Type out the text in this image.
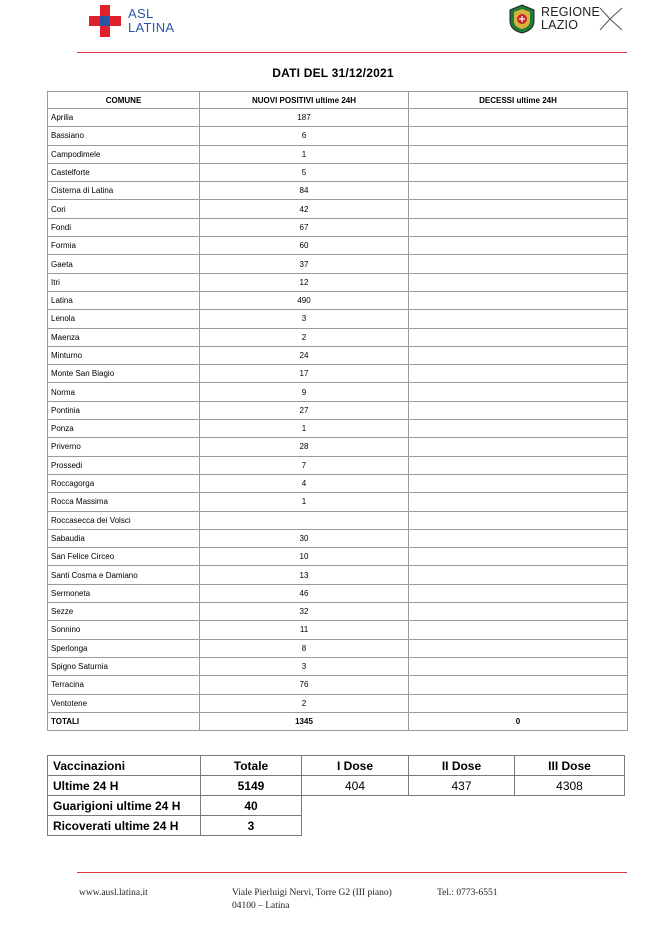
ASL
LATINA
REGIONE
LAZIO
DATI DEL 31/12/2021
COMUNE	NUOVI POSITIVI ultime 24H	DECESSI ultime 24H
Aprilia	187	
Bassiano	6	
Campodimele	1	
Castelforte	5	
Cisterna di Latina	84	
Cori	42	
Fondi	67	
Formia	60	
Gaeta	37	
Itri	12	
Latina	490	
Lenola	3	
Maenza	2	
Minturno	24	
Monte San Biagio	17	
Norma	9	
Pontinia	27	
Ponza	1	
Priverno	28	
Prossedi	7	
Roccagorga	4	
Rocca Massima	1	
Roccasecca dei Volsci		
Sabaudia	30	
San Felice Circeo	10	
Santi Cosma e Damiano	13	
Sermoneta	46	
Sezze	32	
Sonnino	11	
Sperlonga	8	
Spigno Saturnia	3	
Terracina	76	
Ventotene	2	
TOTALI	1345	0
Vaccinazioni	Totale	I Dose	II Dose	III Dose
Ultime 24 H	5149	404	437	4308
Guarigioni ultime 24 H	40			
Ricoverati ultime 24 H	3			
www.ausl.latina.it	Viale Pierluigi Nervi, Torre G2 (III piano)
04100 – Latina
Tel.: 0773-6551
